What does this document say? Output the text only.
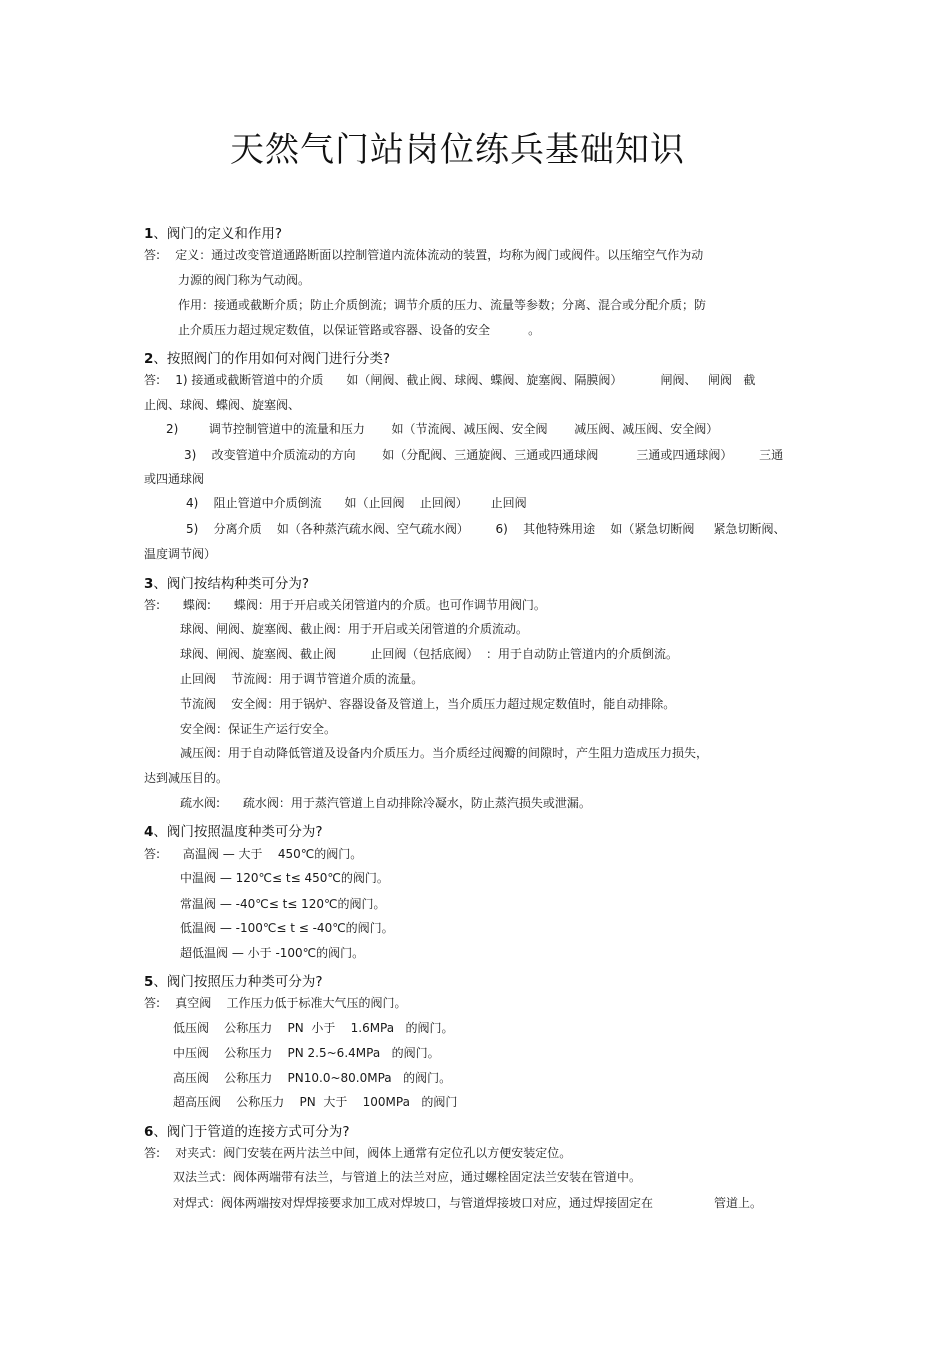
天然气门站岗位练兵基础知识
1、阀门的定义和作用?
答:    定义：通过改变管道通路断面以控制管道内流体流动的装置，均称为阀门或阀件。以压缩空气作为动
力源的阀门称为气动阀。
作用：接通或截断介质；防止介质倒流；调节介质的压力、流量等参数；分离、混合或分配介质；防
止介质压力超过规定数值，以保证管路或容器、设备的安全          。
2、按照阀门的作用如何对阀门进行分类?
答:    1) 接通或截断管道中的介质      如（闸阀、截止阀、球阀、蝶阀、旋塞阀、隔膜阀）          闸阀、   闸阀   截
止阀、球阀、蝶阀、旋塞阀、
2)        调节控制管道中的流量和压力       如（节流阀、减压阀、安全阀       减压阀、减压阀、安全阀）
3)    改变管道中介质流动的方向       如（分配阀、三通旋阀、三通或四通球阀          三通或四通球阀）       三通
或四通球阀
4)    阻止管道中介质倒流      如（止回阀    止回阀）      止回阀
5)    分离介质    如（各种蒸汽疏水阀、空气疏水阀）       6)    其他特殊用途    如（紧急切断阀     紧急切断阀、
温度调节阀）
3、阀门按结构种类可分为?
答:      蝶阀:      蝶阀：用于开启或关闭管道内的介质。也可作调节用阀门。
球阀、闸阀、旋塞阀、截止阀：用于开启或关闭管道的介质流动。
球阀、闸阀、旋塞阀、截止阀         止回阀（包括底阀）  ：用于自动防止管道内的介质倒流。
止回阀    节流阀：用于调节管道介质的流量。
节流阀    安全阀：用于锅炉、容器设备及管道上，当介质压力超过规定数值时，能自动排除。
安全阀：保证生产运行安全。
减压阀：用于自动降低管道及设备内介质压力。当介质经过阀瓣的间隙时，产生阻力造成压力损失，
达到减压目的。
疏水阀:      疏水阀：用于蒸汽管道上自动排除冷凝水，防止蒸汽损失或泄漏。
4、阀门按照温度种类可分为?
答:      高温阀 — 大于    450℃的阀门。
中温阀 — 120℃≤ t≤ 450℃的阀门。
常温阀 — -40℃≤ t≤ 120℃的阀门。
低温阀 — -100℃≤ t ≤ -40℃的阀门。
超低温阀 — 小于 -100℃的阀门。
5、阀门按照压力种类可分为?
答:    真空阀    工作压力低于标准大气压的阀门。
低压阀    公称压力    PN  小于    1.6MPa   的阀门。
中压阀    公称压力    PN 2.5~6.4MPa   的阀门。
高压阀    公称压力    PN10.0~80.0MPa   的阀门。
超高压阀    公称压力    PN  大于    100MPa   的阀门
6、阀门于管道的连接方式可分为?
答:    对夹式：阀门安装在两片法兰中间，阀体上通常有定位孔以方便安装定位。
双法兰式：阀体两端带有法兰，与管道上的法兰对应，通过螺栓固定法兰安装在管道中。
对焊式：阀体两端按对焊焊接要求加工成对焊坡口，与管道焊接坡口对应，通过焊接固定在                管道上。
